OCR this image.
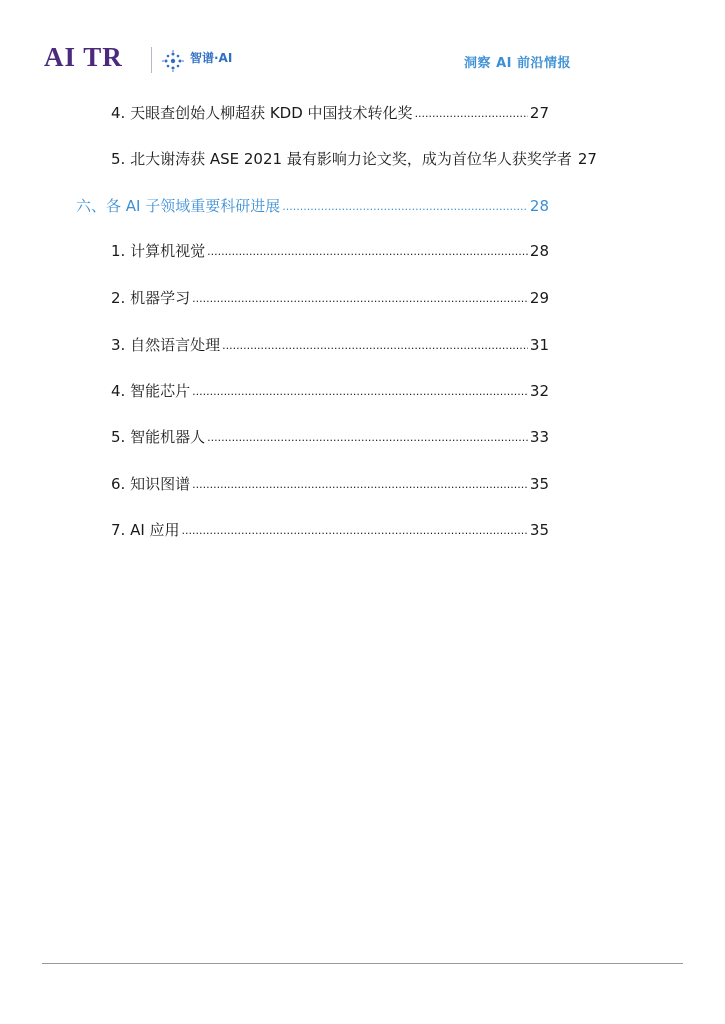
AI TR	智谱·AI	洞察 AI 前沿情报
4. 天眼查创始人柳超获 KDD 中国技术转化奖 .....	27
5. 北大谢涛获 ASE 2021 最有影响力论文奖，成为首位华人获奖学者 27
六、各 AI 子领域重要科研进展 .....	28
1. 计算机视觉 .....	28
2. 机器学习 .....	29
3. 自然语言处理 .....	31
4. 智能芯片 .....	32
5. 智能机器人 .....	33
6. 知识图谱 .....	35
7. AI 应用 .....	35
